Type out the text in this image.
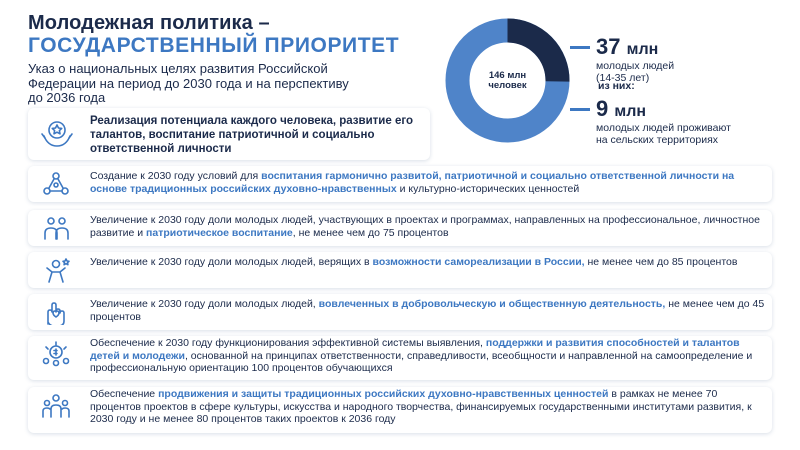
Молодежная политика –
ГОСУДАРСТВЕННЫЙ ПРИОРИТЕТ
Указ о национальных целях развития Российской Федерации на период до 2030 года и на перспективу до 2036 года
Реализация потенциала каждого человека, развитие его талантов, воспитание патриотичной и социально ответственной личности
146 млн
человек
37 млн
молодых людей
(14-35 лет)
из них:
9 млн
молодых людей проживают
на сельских территориях
Создание к 2030 году условий для воспитания гармонично развитой, патриотичной и социально ответственной личности на основе традиционных российских духовно-нравственных и культурно-исторических ценностей
Увеличение к 2030 году доли молодых людей, участвующих в проектах и программах, направленных на профессиональное, личностное развитие и патриотическое воспитание, не менее чем до 75 процентов
Увеличение к 2030 году доли молодых людей, верящих в возможности самореализации в России, не менее чем до 85 процентов
Увеличение к 2030 году доли молодых людей, вовлеченных в добровольческую и общественную деятельность, не менее чем до 45 процентов
Обеспечение к 2030 году функционирования эффективной системы выявления, поддержки и развития способностей и талантов детей и молодежи, основанной на принципах ответственности, справедливости, всеобщности и направленной на самоопределение и профессиональную ориентацию 100 процентов обучающихся
Обеспечение продвижения и защиты традиционных российских духовно-нравственных ценностей в рамках не менее 70 процентов проектов в сфере культуры, искусства и народного творчества, финансируемых государственными институтами развития, к 2030 году и не менее 80 процентов таких проектов к 2036 году
